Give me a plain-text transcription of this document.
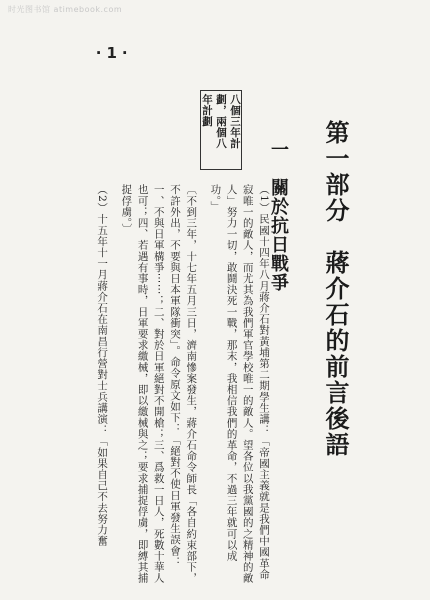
时光图书馆 atimebook.com
‧ 1 ‧
第一部分　蔣介石的前言後語
一　關於抗日戰爭
八個三年計
劃，兩個八
年計劃

（1）民國十四年八月蔣介石對黃埔第二期學生講：「帝國主義就是我們中國革命寂唯一的敵人，而尤其為我們軍官學校唯一的敵人。望各位以我黨國的之精神的敵人」努力一切，敢鬪決死一戰，那末，我相信我們的革命，不過三年就可以成功。」

〔不到三年，十七年五月三日，濟南慘案發生，蔣介石命令師長「各自約束部下，不許外出，不要與日本軍隊衝突」。命令原文如下：「絕對不使日軍發生誤會：一、不與日軍構爭⋯⋯；二、對於日軍絕對不開槍；三、爲救一日人，死數十華人也可；四、若遇有事時，日軍要求繳械，即以繳械與之；要求捕捉俘虜，即縛其捕捉俘虜。〕

（2）十五年十一月蔣介石在南昌行營對士兵講演：「如果自己不去努力奮
